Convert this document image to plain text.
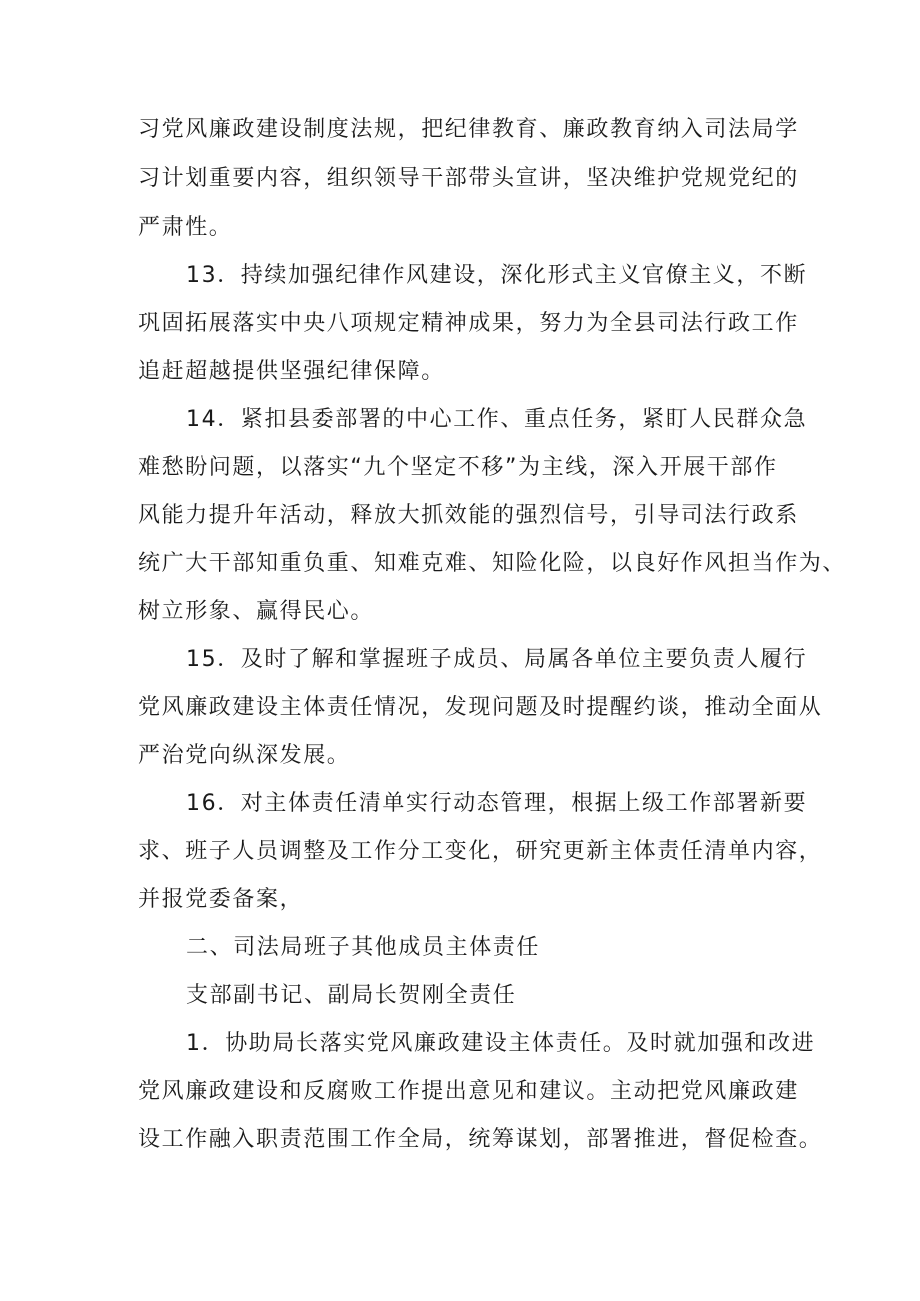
习党风廉政建设制度法规，把纪律教育、廉政教育纳入司法局学
习计划重要内容，组织领导干部带头宣讲，坚决维护党规党纪的
严肃性。
13．持续加强纪律作风建设，深化形式主义官僚主义，不断
巩固拓展落实中央八项规定精神成果，努力为全县司法行政工作
追赶超越提供坚强纪律保障。
14．紧扣县委部署的中心工作、重点任务，紧盯人民群众急
难愁盼问题，以落实“九个坚定不移”为主线，深入开展干部作
风能力提升年活动，释放大抓效能的强烈信号，引导司法行政系
统广大干部知重负重、知难克难、知险化险，以良好作风担当作为、
树立形象、赢得民心。
15．及时了解和掌握班子成员、局属各单位主要负责人履行
党风廉政建设主体责任情况，发现问题及时提醒约谈，推动全面从
严治党向纵深发展。
16．对主体责任清单实行动态管理，根据上级工作部署新要
求、班子人员调整及工作分工变化，研究更新主体责任清单内容，
并报党委备案，
二、司法局班子其他成员主体责任
支部副书记、副局长贺刚全责任
1．协助局长落实党风廉政建设主体责任。及时就加强和改进
党风廉政建设和反腐败工作提出意见和建议。主动把党风廉政建
设工作融入职责范围工作全局，统筹谋划，部署推进，督促检查。
